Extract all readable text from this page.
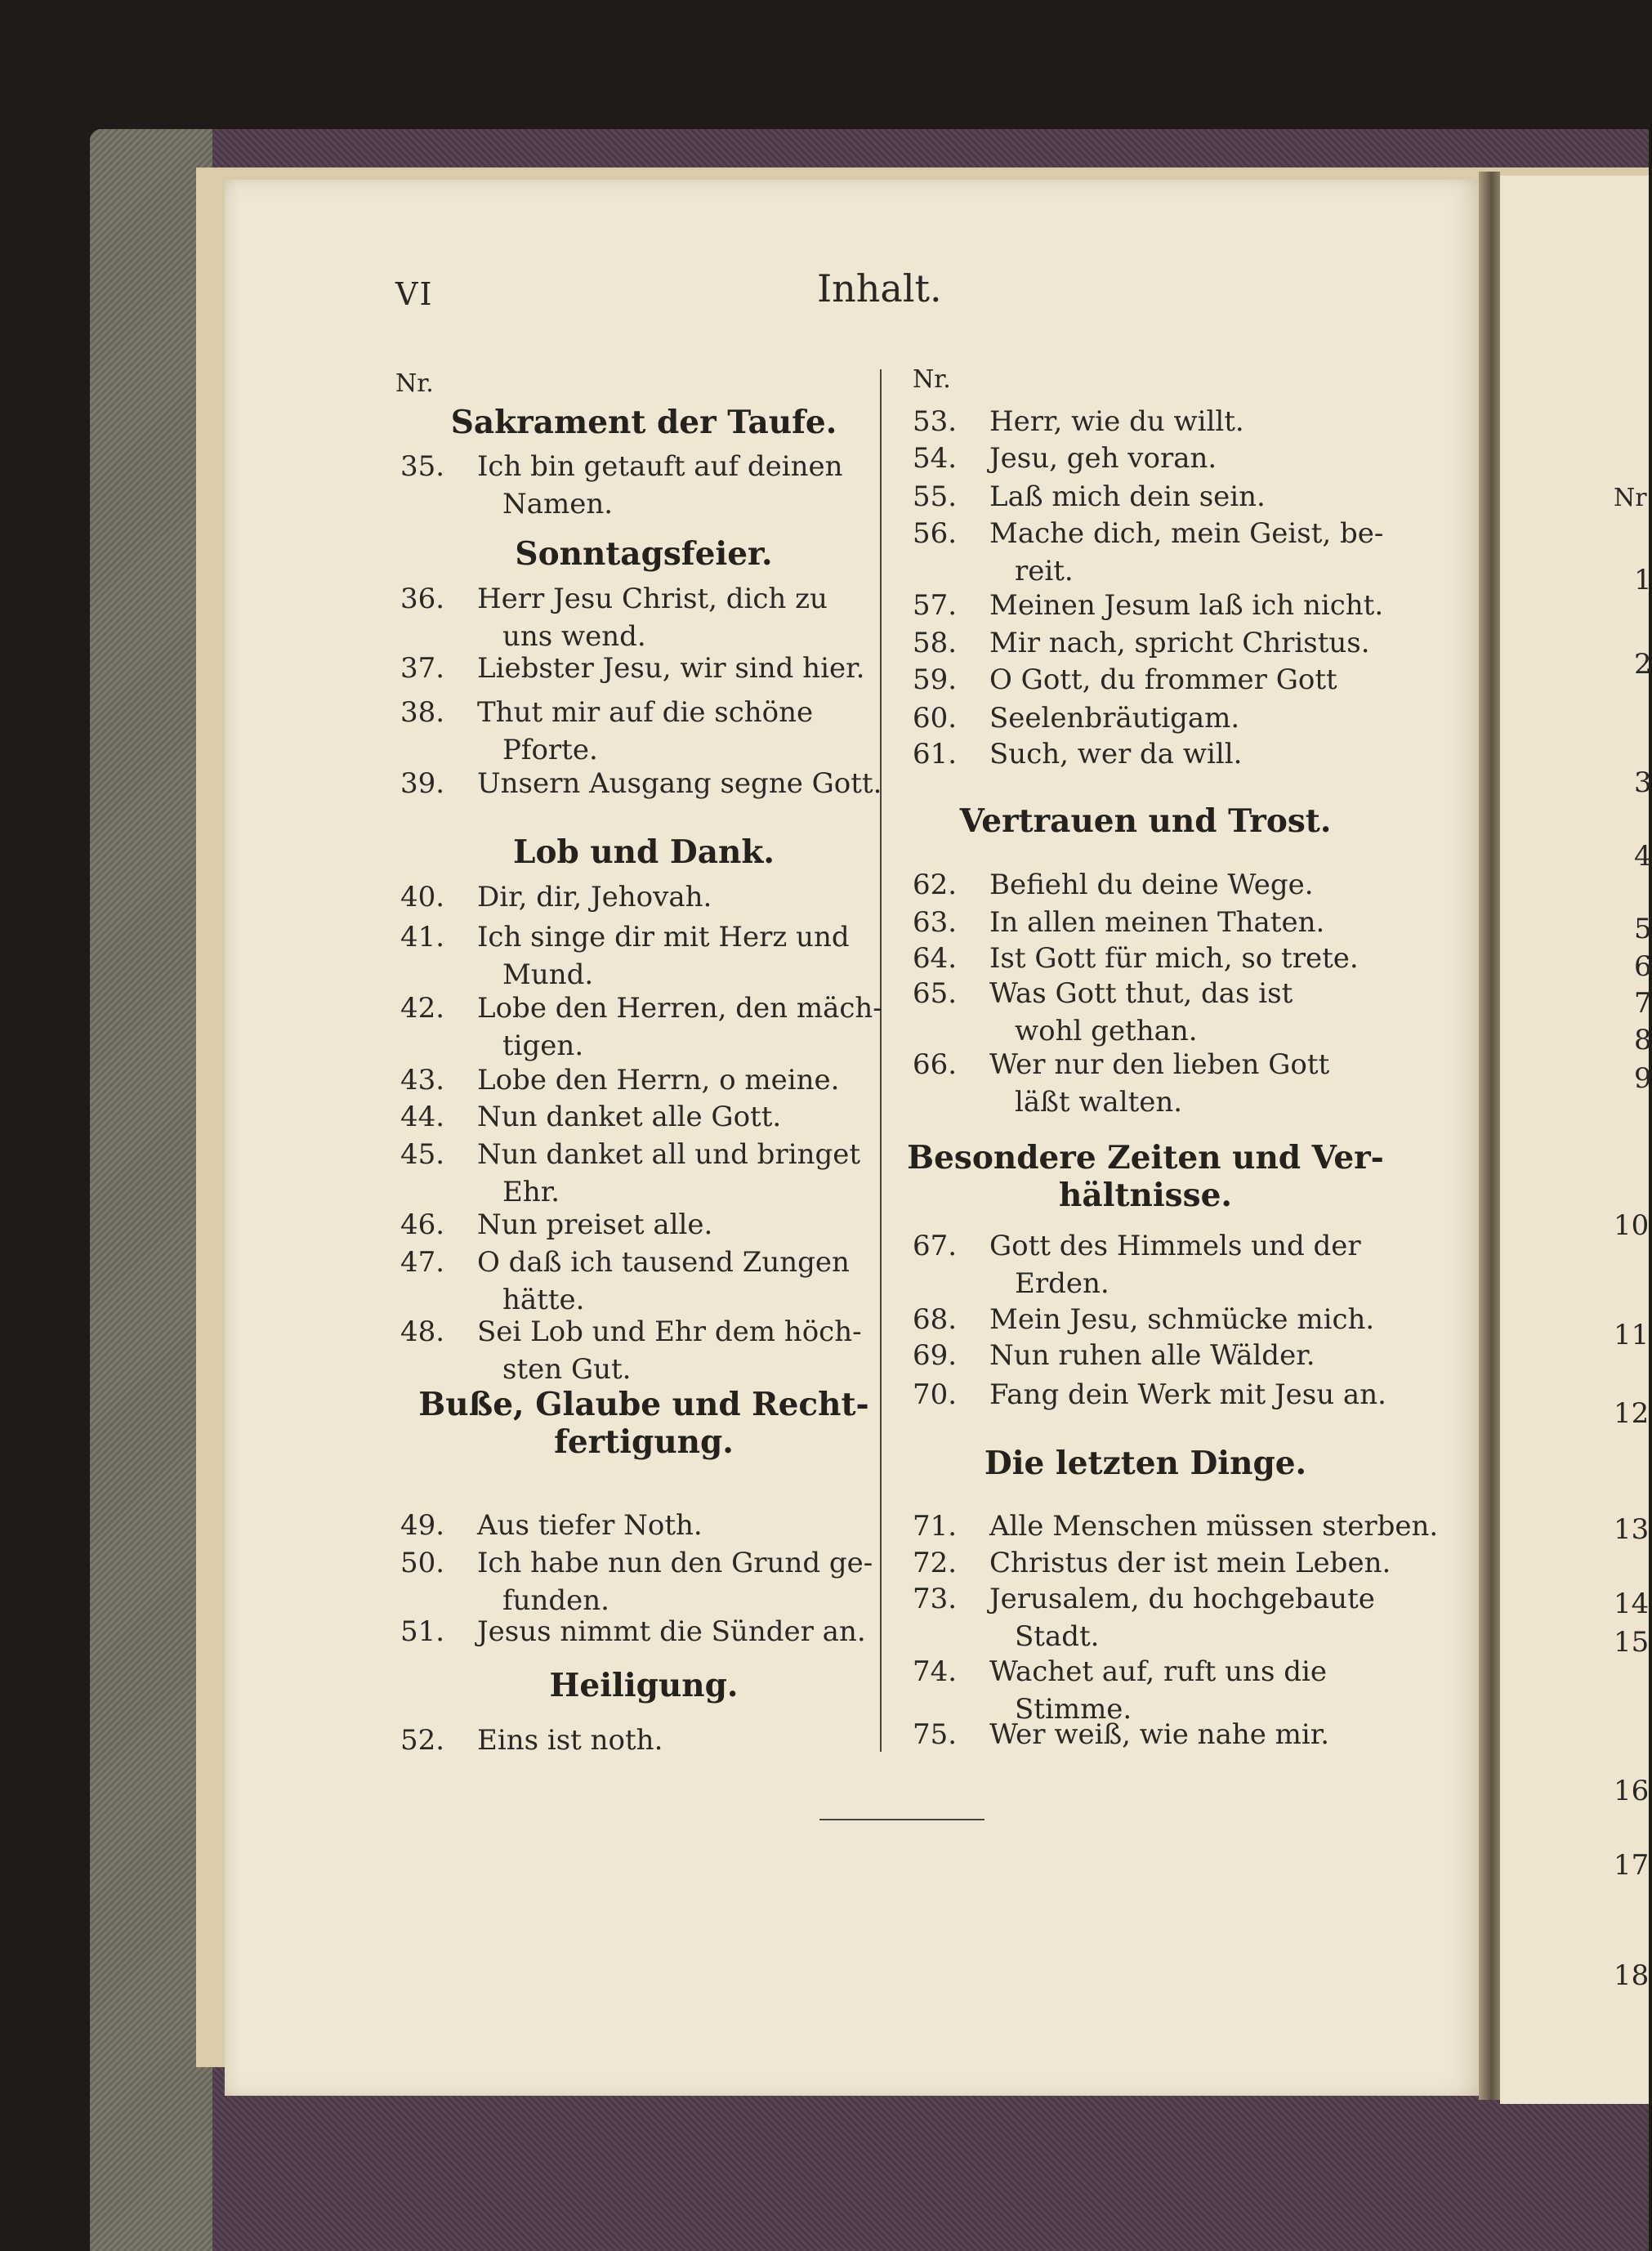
VI	Inhalt.
Nr.	Nr.
Sakrament der Taufe.
35. Ich bin getauft auf deinen
Namen.
Sonntagsfeier.
36. Herr Jesu Christ, dich zu
uns wend.
37. Liebster Jesu, wir sind hier.
38. Thut mir auf die schöne
Pforte.
39. Unsern Ausgang segne Gott.
Lob und Dank.
40. Dir, dir, Jehovah.
41. Ich singe dir mit Herz und
Mund.
42. Lobe den Herren, den mäch-
tigen.
43. Lobe den Herrn, o meine.
44. Nun danket alle Gott.
45. Nun danket all und bringet
Ehr.
46. Nun preiset alle.
47. O daß ich tausend Zungen
hätte.
48. Sei Lob und Ehr dem höch-
sten Gut.
Buße, Glaube und Recht-
fertigung.
49. Aus tiefer Noth.
50. Ich habe nun den Grund ge-
funden.
51. Jesus nimmt die Sünder an.
Heiligung.
52. Eins ist noth.
53. Herr, wie du willt.
54. Jesu, geh voran.
55. Laß mich dein sein.
56. Mache dich, mein Geist, be-
reit.
57. Meinen Jesum laß ich nicht.
58. Mir nach, spricht Christus.
59. O Gott, du frommer Gott
60. Seelenbräutigam.
61. Such, wer da will.
Vertrauen und Trost.
62. Befiehl du deine Wege.
63. In allen meinen Thaten.
64. Ist Gott für mich, so trete.
65. Was Gott thut, das ist
wohl gethan.
66. Wer nur den lieben Gott
läßt walten.
Besondere Zeiten und Ver-
hältnisse.
67. Gott des Himmels und der
Erden.
68. Mein Jesu, schmücke mich.
69. Nun ruhen alle Wälder.
70. Fang dein Werk mit Jesu an.
Die letzten Dinge.
71. Alle Menschen müssen sterben.
72. Christus der ist mein Leben.
73. Jerusalem, du hochgebaute
Stadt.
74. Wachet auf, ruft uns die
Stimme.
75. Wer weiß, wie nahe mir.
Nr
1
2
3
4
5
6
7
8
9
10
11
12
13
14
15
16
17
18
